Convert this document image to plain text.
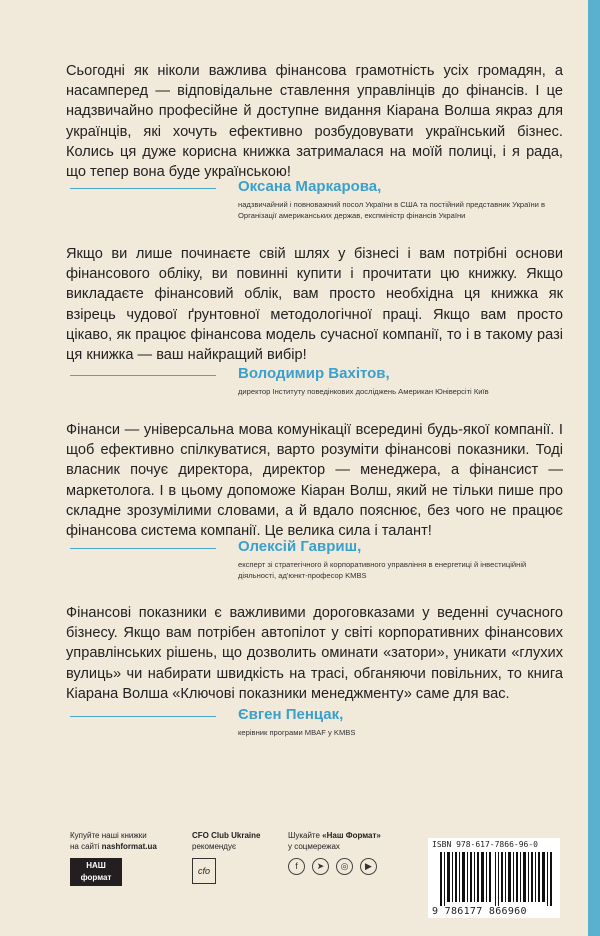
Сьогодні як ніколи важлива фінансова грамотність усіх громадян, а насамперед — відповідальне ставлення управлінців до фінансів. І це надзвичайно професійне й доступне видання Кіарана Волша якраз для українців, які хочуть ефективно розбудовувати український бізнес. Колись ця дуже корисна книжка затрималася на моїй полиці, і я рада, що тепер вона буде українською!

Оксана Маркарова,

надзвичайний і повноважний посол України в США та постійний представник України в Організації американських держав, експміністр фінансів України

Якщо ви лише починаєте свій шлях у бізнесі і вам потрібні основи фінансового обліку, ви повинні купити і прочитати цю книжку. Якщо викладаєте фінансовий облік, вам просто необхідна ця книжка як взірець чудової ґрунтовної методологічної праці. Якщо вам просто цікаво, як працює фінансова модель сучасної компанії, то і в такому разі ця книжка — ваш найкращий вибір!

Володимир Вахітов,

директор Інституту поведінкових досліджень Американ Юніверсіті Київ

Фінанси — універсальна мова комунікації всередині будь-якої компанії. І щоб ефективно спілкуватися, варто розуміти фінансові показники. Тоді власник почує директора, директор — менеджера, а фінансист — маркетолога. І в цьому допоможе Кіаран Волш, який не тільки пише про складне зрозумілими словами, а й вдало пояснює, без чого не працює фінансова система компанії. Це велика сила і талант!

Олексій Гавриш,

експерт зі стратегічного й корпоративного управління в енергетиці й інвестиційній діяльності, ад'юнкт-професор KMBS

Фінансові показники є важливими дороговказами у веденні сучасного бізнесу. Якщо вам потрібен автопілот у світі корпоративних фінансових управлінських рішень, що дозволить оминати «затори», уникати «глухих вулиць» чи набирати швидкість на трасі, обганяючи повільних, то книга Кіарана Волша «Ключові показники менеджменту» саме для вас.

Євген Пенцак,

керівник програми MBAF у KMBS

Купуйте наші книжки
на сайті nashformat.ua
НАШ
формат
CFO Club Ukraine
рекомендує
cfo
Шукайте «Наш Формат»
у соцмережах
f	➤	◎	▶
ISBN 978-617-7866-96-0
9 786177 866960
